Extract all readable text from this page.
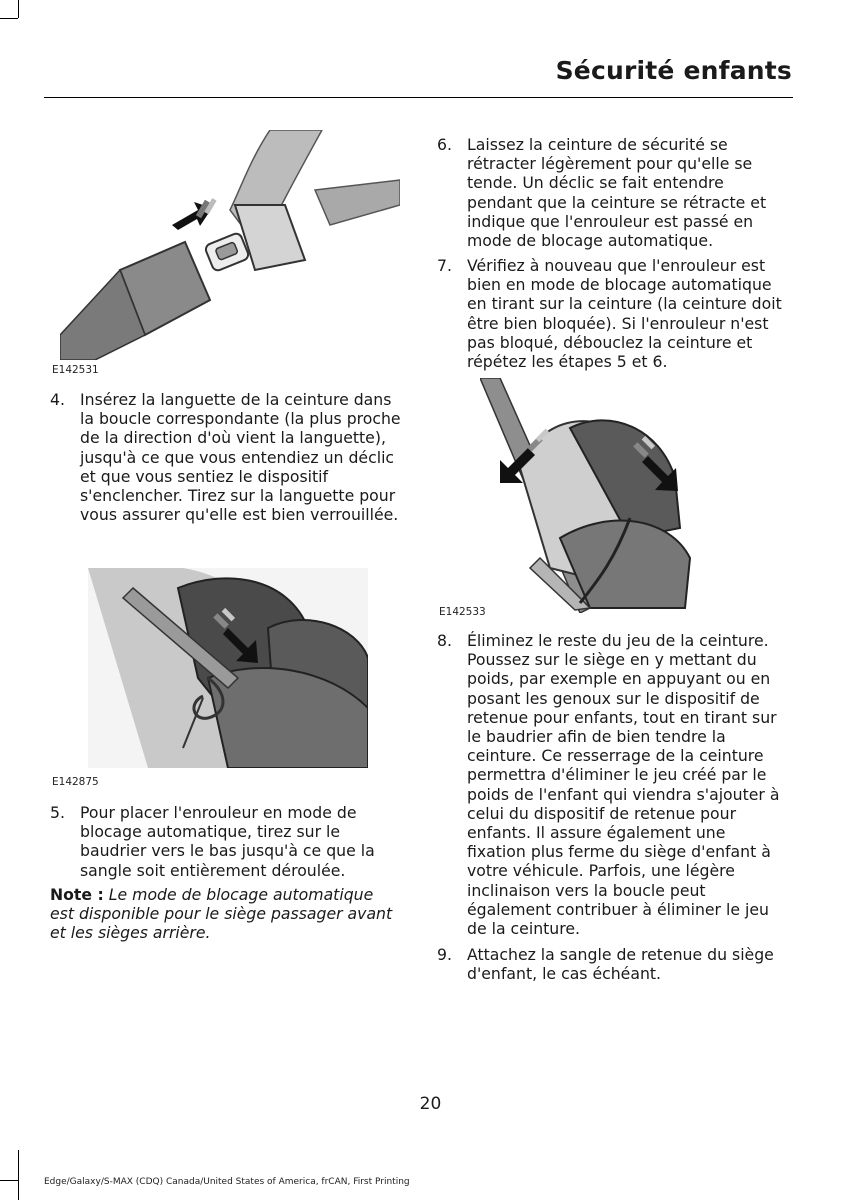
Sécurité enfants
E142531
4. Insérez la languette de la ceinture dans la boucle correspondante (la plus proche de la direction d'où vient la languette), jusqu'à ce que vous entendiez un déclic et que vous sentiez le dispositif s'enclencher. Tirez sur la languette pour vous assurer qu'elle est bien verrouillée.
E142875
5. Pour placer l'enrouleur en mode de blocage automatique, tirez sur le baudrier vers le bas jusqu'à ce que la sangle soit entièrement déroulée.
Note : Le mode de blocage automatique est disponible pour le siège passager avant et les sièges arrière.
6. Laissez la ceinture de sécurité se rétracter légèrement pour qu'elle se tende. Un déclic se fait entendre pendant que la ceinture se rétracte et indique que l'enrouleur est passé en mode de blocage automatique.
7. Vérifiez à nouveau que l'enrouleur est bien en mode de blocage automatique en tirant sur la ceinture (la ceinture doit être bien bloquée). Si l'enrouleur n'est pas bloqué, débouclez la ceinture et répétez les étapes 5 et 6.
E142533
8. Éliminez le reste du jeu de la ceinture. Poussez sur le siège en y mettant du poids, par exemple en appuyant ou en posant les genoux sur le dispositif de retenue pour enfants, tout en tirant sur le baudrier afin de bien tendre la ceinture. Ce resserrage de la ceinture permettra d'éliminer le jeu créé par le poids de l'enfant qui viendra s'ajouter à celui du dispositif de retenue pour enfants. Il assure également une fixation plus ferme du siège d'enfant à votre véhicule. Parfois, une légère inclinaison vers la boucle peut également contribuer à éliminer le jeu de la ceinture.
9. Attachez la sangle de retenue du siège d'enfant, le cas échéant.
20
Edge/Galaxy/S-MAX (CDQ) Canada/United States of America, frCAN, First Printing
